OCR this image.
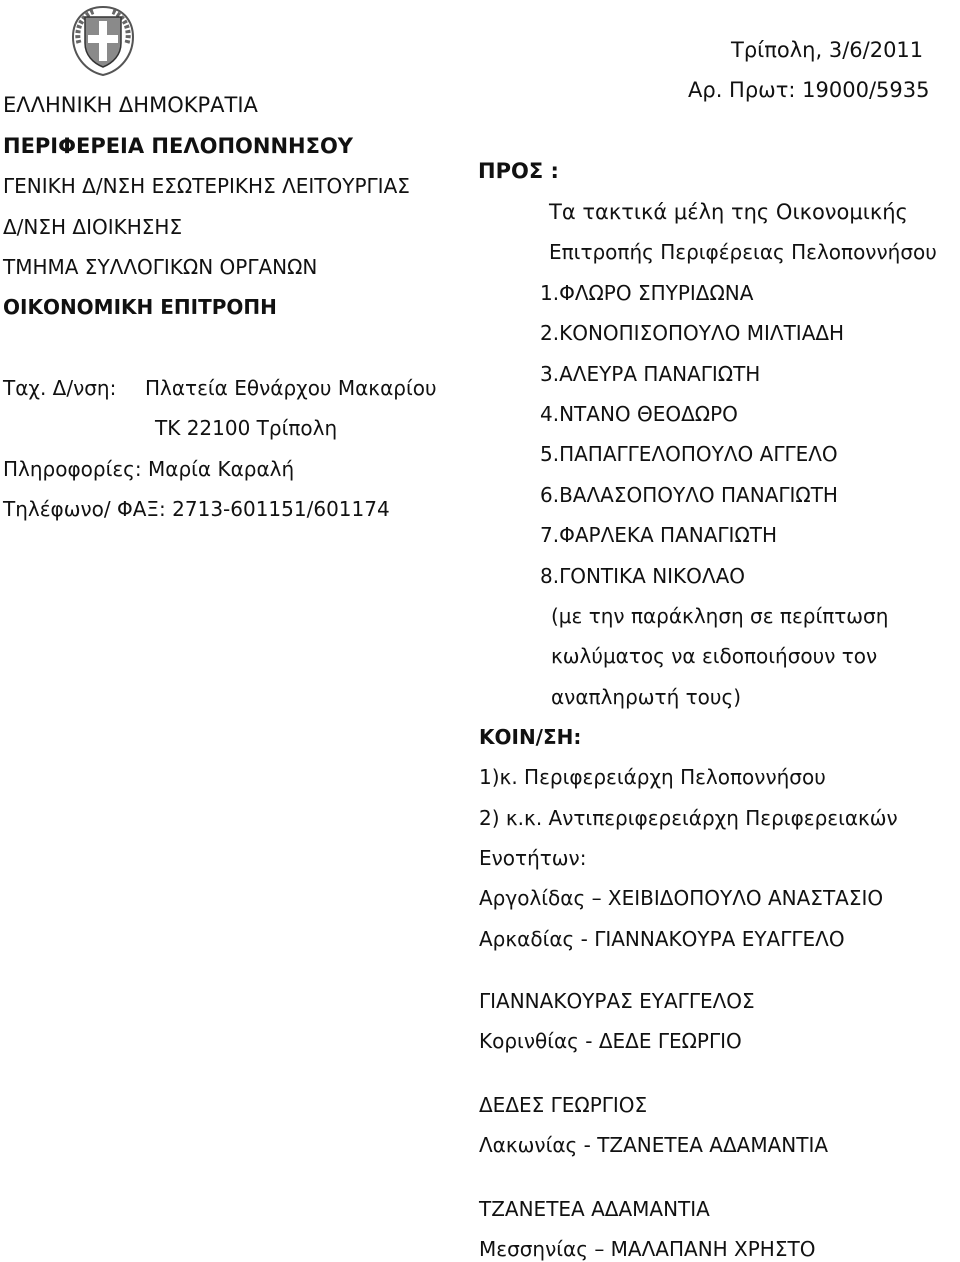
ΕΛΛΗΝΙΚΗ ΔΗΜΟΚΡΑΤΙΑ
ΠΕΡΙΦΕΡΕΙΑ ΠΕΛΟΠΟΝΝΗΣΟΥ
ΓΕΝΙΚΗ Δ/ΝΣΗ ΕΣΩΤΕΡΙΚΗΣ ΛΕΙΤΟΥΡΓΙΑΣ
Δ/ΝΣΗ ΔΙΟΙΚΗΣΗΣ
ΤΜΗΜΑ ΣΥΛΛΟΓΙΚΩΝ ΟΡΓΑΝΩΝ
ΟΙΚΟΝΟΜΙΚΗ ΕΠΙΤΡΟΠΗ
Ταχ. Δ/νση: Πλατεία Εθνάρχου Μακαρίου
ΤΚ 22100 Τρίπολη
Πληροφορίες: Μαρία Καραλή
Τηλέφωνο/ ΦΑΞ: 2713-601151/601174
Τρίπολη, 3/6/2011
Αρ. Πρωτ: 19000/5935
ΠΡΟΣ :
Τα τακτικά μέλη της Οικονομικής
Επιτροπής Περιφέρειας Πελοποννήσου
1.ΦΛΩΡΟ ΣΠΥΡΙΔΩΝΑ
2.ΚΟΝΟΠΙΣΟΠΟΥΛΟ ΜΙΛΤΙΑΔΗ
3.ΑΛΕΥΡΑ ΠΑΝΑΓΙΩΤΗ
4.ΝΤΑΝΟ ΘΕΟΔΩΡΟ
5.ΠΑΠΑΓΓΕΛΟΠΟΥΛΟ ΑΓΓΕΛΟ
6.ΒΑΛΑΣΟΠΟΥΛΟ ΠΑΝΑΓΙΩΤΗ
7.ΦΑΡΛΕΚΑ ΠΑΝΑΓΙΩΤΗ
8.ΓΟΝΤΙΚΑ ΝΙΚΟΛΑΟ
(με την παράκληση σε περίπτωση
κωλύματος να ειδοποιήσουν τον
αναπληρωτή τους)
ΚΟΙΝ/ΣΗ:
1)κ. Περιφερειάρχη Πελοποννήσου
2) κ.κ. Αντιπεριφερειάρχη Περιφερειακών
Ενοτήτων:
Αργολίδας – ΧΕΙΒΙΔΟΠΟΥΛΟ ΑΝΑΣΤΑΣΙΟ
Αρκαδίας - ΓΙΑΝΝΑΚΟΥΡΑ ΕΥΑΓΓΕΛΟ
ΓΙΑΝΝΑΚΟΥΡΑΣ ΕΥΑΓΓΕΛΟΣ
Κορινθίας - ΔΕΔΕ ΓΕΩΡΓΙΟ
ΔΕΔΕΣ ΓΕΩΡΓΙΟΣ
Λακωνίας - ΤΖΑΝΕΤΕΑ ΑΔΑΜΑΝΤΙΑ
ΤΖΑΝΕΤΕΑ ΑΔΑΜΑΝΤΙΑ
Μεσσηνίας – ΜΑΛΑΠΑΝΗ ΧΡΗΣΤΟ
